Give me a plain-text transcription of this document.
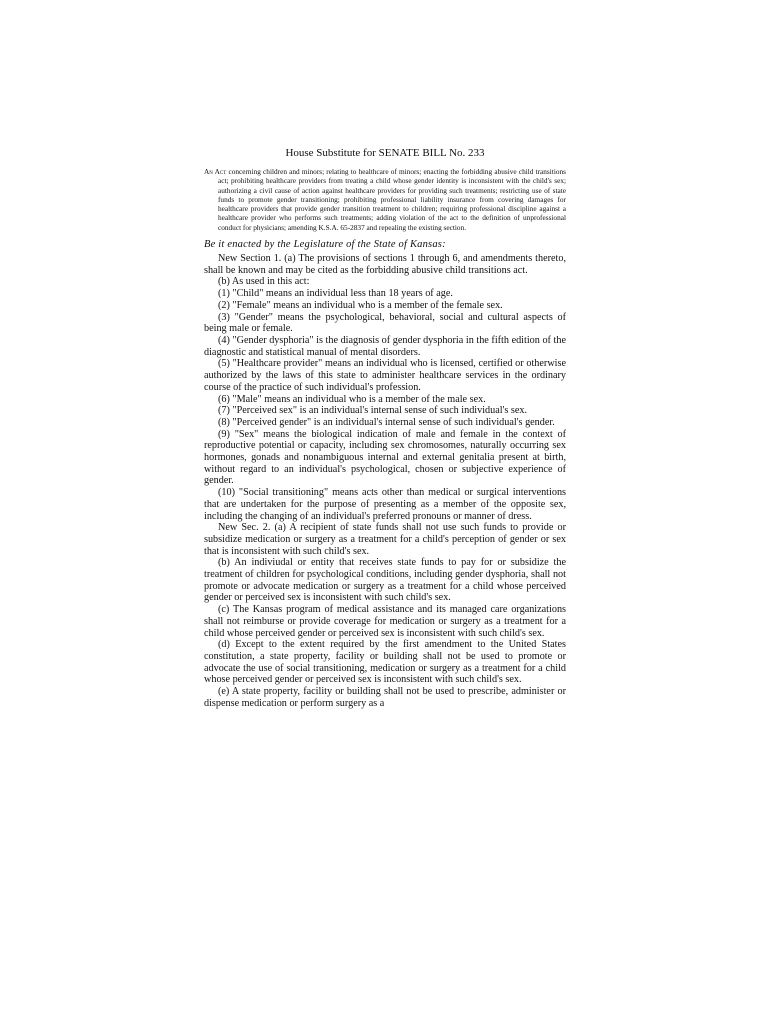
House Substitute for SENATE BILL No. 233

An Act concerning children and minors; relating to healthcare of minors; enacting the forbidding abusive child transitions act; prohibiting healthcare providers from treating a child whose gender identity is inconsistent with the child's sex; authorizing a civil cause of action against healthcare providers for providing such treatments; restricting use of state funds to promote gender transitioning; prohibiting professional liability insurance from covering damages for healthcare providers that provide gender transition treatment to children; requiring professional discipline against a healthcare provider who performs such treatments; adding violation of the act to the definition of unprofessional conduct for physicians; amending K.S.A. 65-2837 and repealing the existing section.

Be it enacted by the Legislature of the State of Kansas:

New Section 1. (a) The provisions of sections 1 through 6, and amendments thereto, shall be known and may be cited as the forbidding abusive child transitions act.

(b) As used in this act:

(1) "Child" means an individual less than 18 years of age.

(2) "Female" means an individual who is a member of the female sex.

(3) "Gender" means the psychological, behavioral, social and cultural aspects of being male or female.

(4) "Gender dysphoria" is the diagnosis of gender dysphoria in the fifth edition of the diagnostic and statistical manual of mental disorders.

(5) "Healthcare provider" means an individual who is licensed, certified or otherwise authorized by the laws of this state to administer healthcare services in the ordinary course of the practice of such individual's profession.

(6) "Male" means an individual who is a member of the male sex.

(7) "Perceived sex" is an individual's internal sense of such individual's sex.

(8) "Perceived gender" is an individual's internal sense of such individual's gender.

(9) "Sex" means the biological indication of male and female in the context of reproductive potential or capacity, including sex chromosomes, naturally occurring sex hormones, gonads and nonambiguous internal and external genitalia present at birth, without regard to an individual's psychological, chosen or subjective experience of gender.

(10) "Social transitioning" means acts other than medical or surgical interventions that are undertaken for the purpose of presenting as a member of the opposite sex, including the changing of an individual's preferred pronouns or manner of dress.

New Sec. 2. (a) A recipient of state funds shall not use such funds to provide or subsidize medication or surgery as a treatment for a child's perception of gender or sex that is inconsistent with such child's sex.

(b) An indiviudal or entity that receives state funds to pay for or subsidize the treatment of children for psychological conditions, including gender dysphoria, shall not promote or advocate medication or surgery as a treatment for a child whose perceived gender or perceived sex is inconsistent with such child's sex.

(c) The Kansas program of medical assistance and its managed care organizations shall not reimburse or provide coverage for medication or surgery as a treatment for a child whose perceived gender or perceived sex is inconsistent with such child's sex.

(d) Except to the extent required by the first amendment to the United States constitution, a state property, facility or building shall not be used to promote or advocate the use of social transitioning, medication or surgery as a treatment for a child whose perceived gender or perceived sex is inconsistent with such child's sex.

(e) A state property, facility or building shall not be used to prescribe, administer or dispense medication or perform surgery as a
